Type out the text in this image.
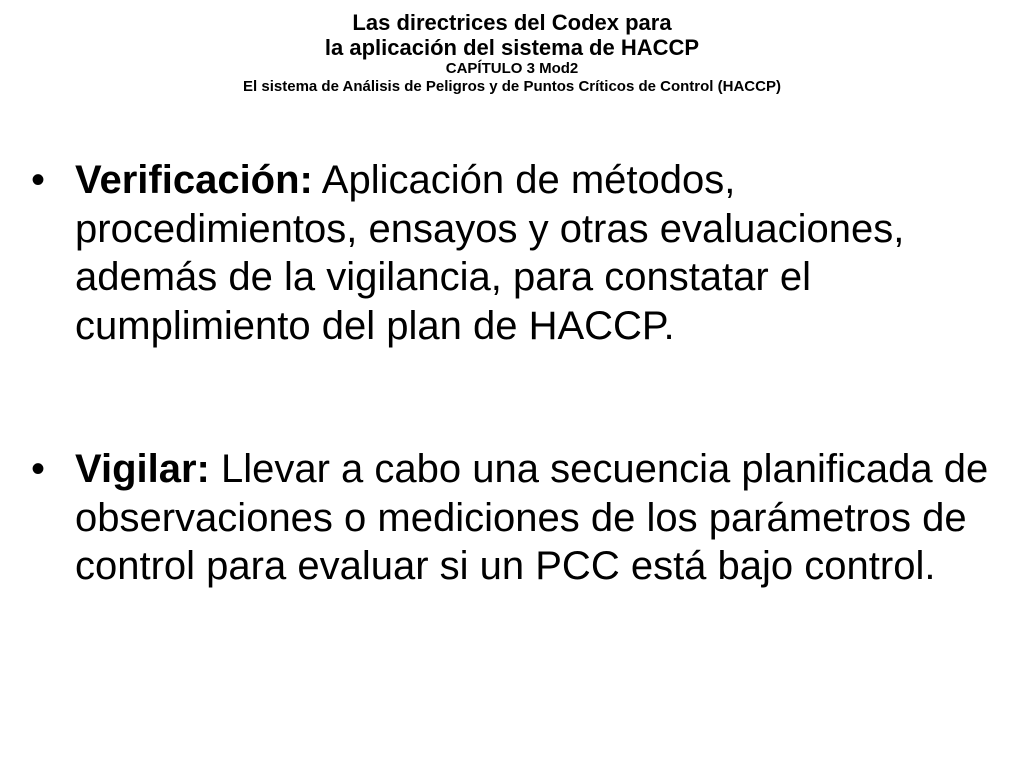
Las directrices del Codex para
la aplicación del sistema de HACCP
CAPÍTULO 3 Mod2
El sistema de Análisis de Peligros y de Puntos Críticos de Control (HACCP)
• Verificación: Aplicación de métodos, procedimientos, ensayos y otras evaluaciones, además de la vigilancia, para constatar el cumplimiento del plan de HACCP.
• Vigilar: Llevar a cabo una secuencia planificada de observaciones o mediciones de los parámetros de control para evaluar si un PCC está bajo control.
